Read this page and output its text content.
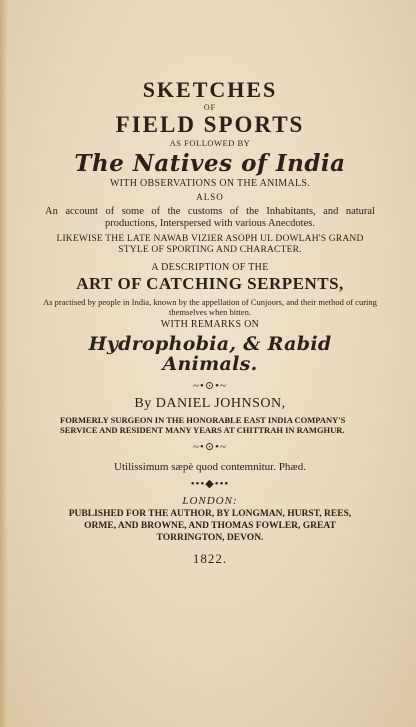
SKETCHES
OF
FIELD SPORTS
AS FOLLOWED BY
The Natives of India
WITH OBSERVATIONS ON THE ANIMALS.
ALSO
An account of some of the customs of the Inhabitants, and natural productions, Interspersed with various Anecdotes.
LIKEWISE THE LATE NAWAB VIZIER ASOPH UL DOWLAH'S GRAND STYLE OF SPORTING AND CHARACTER.
A DESCRIPTION OF THE
ART OF CATCHING SERPENTS,
As practised by people in India, known by the appellation of Cunjoors, and their method of curing themselves when bitten.
WITH REMARKS ON
Hydrophobia, & Rabid Animals.
~•⊙•~
By DANIEL JOHNSON,
FORMERLY SURGEON IN THE HONORABLE EAST INDIA COMPANY'S SERVICE AND RESIDENT MANY YEARS AT CHITTRAH IN RAMGHUR.
~•⊙•~
Utilissimum sæpè quod contemnitur. Phæd.
•••◆•••
LONDON:
PUBLISHED FOR THE AUTHOR, BY LONGMAN, HURST, REES, ORME, AND BROWNE, AND THOMAS FOWLER, GREAT TORRINGTON, DEVON.
1822.
